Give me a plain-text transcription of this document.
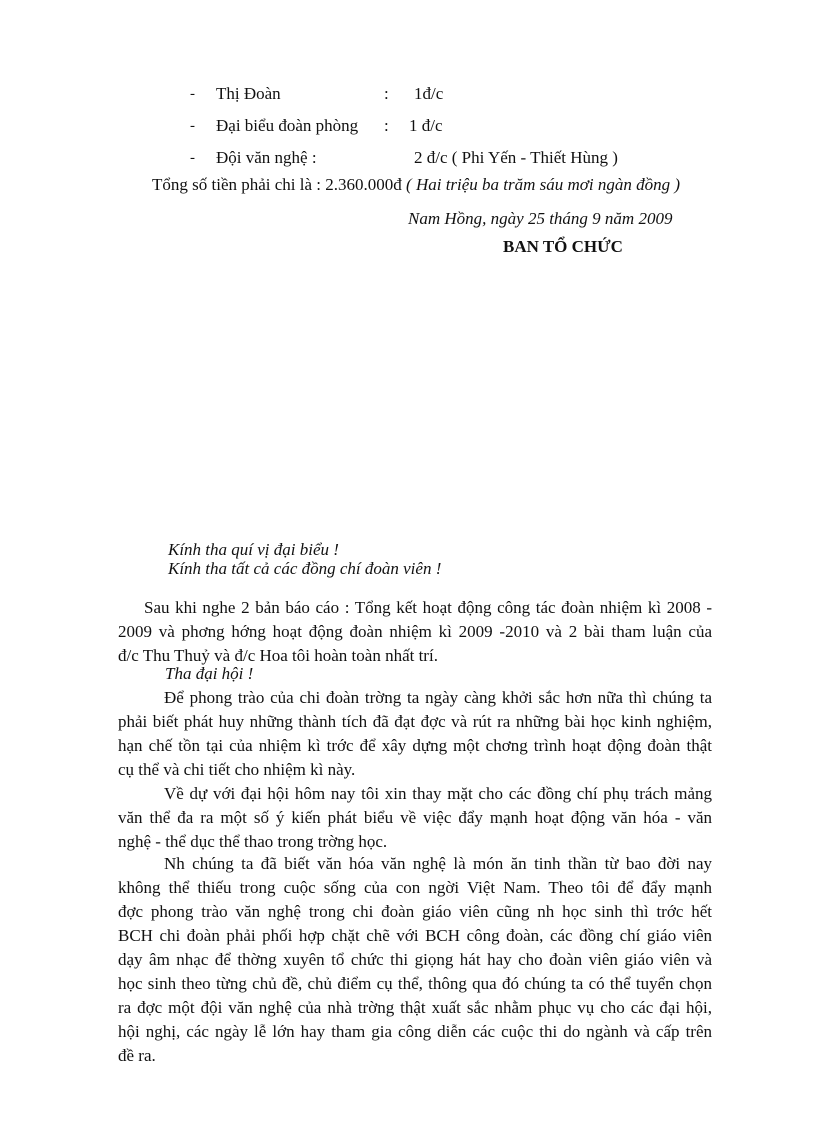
- Thị Đoàn	: 1đ/c
- Đại biểu đoàn phòng : 1 đ/c
- Đội văn nghệ :	2 đ/c ( Phi Yến - Thiết Hùng )
Tổng số tiền phải chi là : 2.360.000đ ( Hai triệu ba trăm sáu mơi ngàn đồng )
Nam Hồng, ngày 25 tháng 9 năm 2009
BAN TỔ CHỨC
Kính tha quí vị đại biểu !
Kính tha tất cả các đồng chí đoàn viên !
Sau khi nghe 2 bản báo cáo : Tổng kết hoạt động công tác đoàn nhiệm kì 2008 -
2009 và phơng hớng hoạt động đoàn nhiệm kì 2009 -2010 và 2 bài tham luận của
đ/c Thu Thuỷ và đ/c Hoa tôi hoàn toàn nhất trí.
Tha đại hội !
Để phong trào của chi đoàn trờng ta ngày càng khởi sắc hơn nữa thì chúng ta
phải biết phát huy những thành tích đã đạt đợc và rút ra những bài học kinh nghiệm,
hạn chế tồn tại của nhiệm kì trớc để xây dựng một chơng trình hoạt động đoàn thật
cụ thể và chi tiết cho nhiệm kì này.
Về dự với đại hội hôm nay tôi xin thay mặt cho các đồng chí phụ trách mảng
văn thể đa ra một số ý kiến phát biểu về việc đẩy mạnh hoạt động văn hóa - văn
nghệ - thể dục thể thao trong trờng học.
Nh chúng ta đã biết văn hóa văn nghệ là món ăn tinh thần từ bao đời nay
không thể thiếu trong cuộc sống của con ngời Việt Nam. Theo tôi để đẩy mạnh
đợc phong trào văn nghệ trong chi đoàn giáo viên cũng nh học sinh thì trớc hết
BCH chi đoàn phải phối hợp chặt chẽ với BCH công đoàn, các đồng chí giáo viên
dạy âm nhạc để thờng xuyên tổ chức thi giọng hát hay cho đoàn viên giáo viên và
học sinh theo từng chủ đề, chủ điểm cụ thể, thông qua đó chúng ta có thể tuyển chọn
ra đợc một đội văn nghệ của nhà trờng thật xuất sắc nhằm phục vụ cho các đại hội,
hội nghị, các ngày lễ lớn hay tham gia công diễn các cuộc thi do ngành và cấp trên
đề ra.
